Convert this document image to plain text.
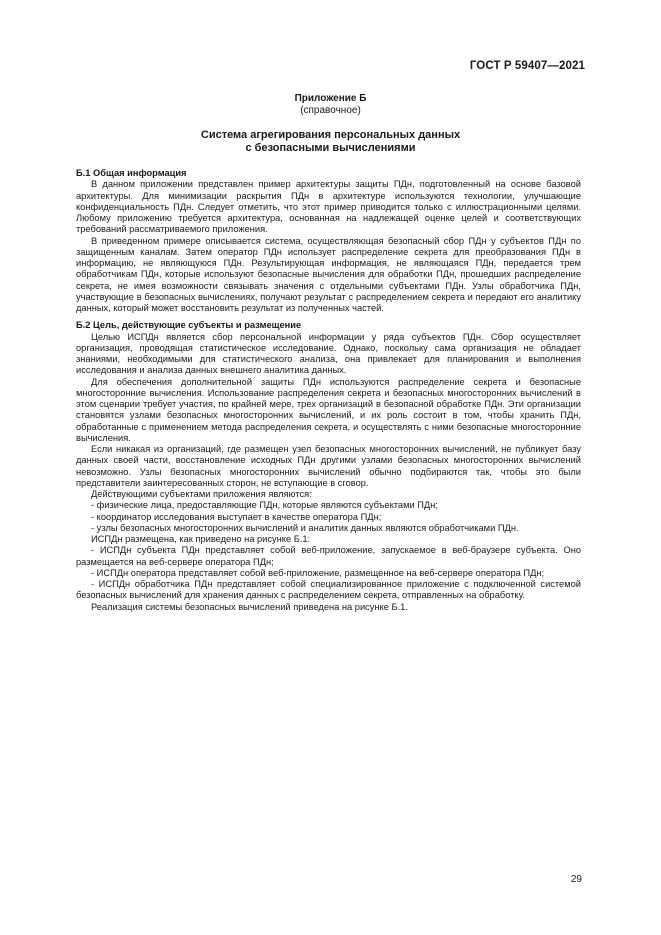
ГОСТ Р 59407—2021
Приложение Б
(справочное)
Система агрегирования персональных данных
с безопасными вычислениями
Б.1 Общая информация

В данном приложении представлен пример архитектуры защиты ПДн, подготовленный на основе базовой архитектуры. Для минимизации раскрытия ПДн в архитектуре используются технологии, улучшающие конфиденциальность ПДн. Следует отметить, что этот пример приводится только с иллюстрационными целями. Любому приложению требуется архитектура, основанная на надлежащей оценке целей и соответствующих требований рассматриваемого приложения.

В приведенном примере описывается система, осуществляющая безопасный сбор ПДн у субъектов ПДн по защищенным каналам. Затем оператор ПДн использует распределение секрета для преобразования ПДн в информацию, не являющуюся ПДн. Результирующая информация, не являющаяся ПДн, передается трем обработчикам ПДн, которые используют безопасные вычисления для обработки ПДн, прошедших распределение секрета, не имея возможности связывать значения с отдельными субъектами ПДн. Узлы обработчика ПДн, участвующие в безопасных вычислениях, получают результат с распределением секрета и передают его аналитику данных, который может восстановить результат из полученных частей.

Б.2 Цель, действующие субъекты и размещение

Целью ИСПДн является сбор персональной информации у ряда субъектов ПДн. Сбор осуществляет организация, проводящая статистическое исследование. Однако, поскольку сама организация не обладает знаниями, необходимыми для статистического анализа, она привлекает для планирования и выполнения исследования и анализа данных внешнего аналитика данных.

Для обеспечения дополнительной защиты ПДн используются распределение секрета и безопасные многосторонние вычисления. Использование распределения секрета и безопасных многосторонних вычислений в этом сценарии требует участия, по крайней мере, трех организаций в безопасной обработке ПДн. Эти организации становятся узлами безопасных многосторонних вычислений, и их роль состоит в том, чтобы хранить ПДн, обработанные с применением метода распределения секрета, и осуществлять с ними безопасные многосторонние вычисления.

Если никакая из организаций, где размещен узел безопасных многосторонних вычислений, не публикует базу данных своей части, восстановление исходных ПДн другими узлами безопасных многосторонних вычислений невозможно. Узлы безопасных многосторонних вычислений обычно подбираются так, чтобы это были представители заинтересованных сторон, не вступающие в сговор.

Действующими субъектами приложения являются:

- физические лица, предоставляющие ПДн, которые являются субъектами ПДн;

- координатор исследования выступает в качестве оператора ПДн;

- узлы безопасных многосторонних вычислений и аналитик данных являются обработчиками ПДн.

ИСПДн размещена, как приведено на рисунке Б.1:

- ИСПДн субъекта ПДн представляет собой веб-приложение, запускаемое в веб-браузере субъекта. Оно размещается на веб-сервере оператора ПДн;

- ИСПДн оператора представляет собой веб-приложение, размещенное на веб-сервере оператора ПДн;

- ИСПДн обработчика ПДн представляет собой специализированное приложение с подключенной системой безопасных вычислений для хранения данных с распределением секрета, отправленных на обработку.

Реализация системы безопасных вычислений приведена на рисунке Б.1.

29
